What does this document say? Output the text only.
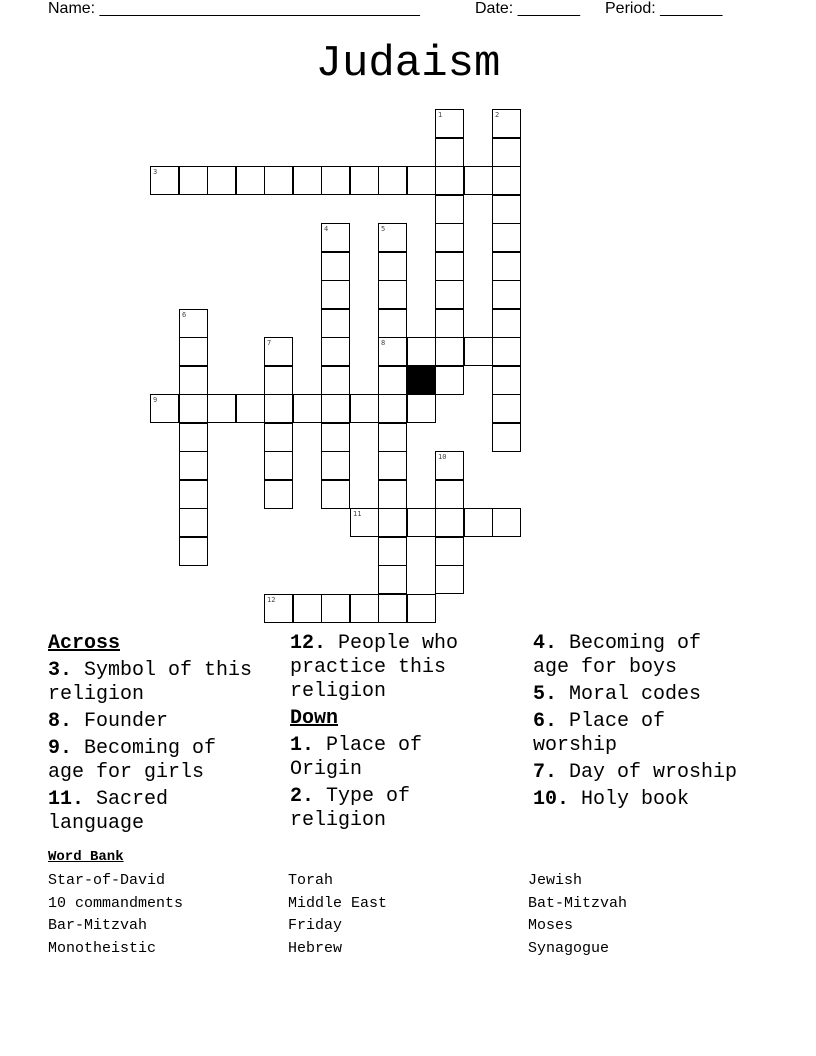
Name: ____________________________________	Date: _______ Period: _______
Judaism
1	2
3
4	5
6
7	8
9
10
11
12
Across
3. Symbol of this religion
8. Founder
9. Becoming of age for girls
11. Sacred language
12. People who practice this religion
Down
1. Place of Origin
2. Type of religion
4. Becoming of age for boys
5. Moral codes
6. Place of worship
7. Day of wroship
10. Holy book
Word Bank
Star-of-David
10 commandments
Bar-Mitzvah
Monotheistic
Torah
Middle East
Friday
Hebrew
Jewish
Bat-Mitzvah
Moses
Synagogue
